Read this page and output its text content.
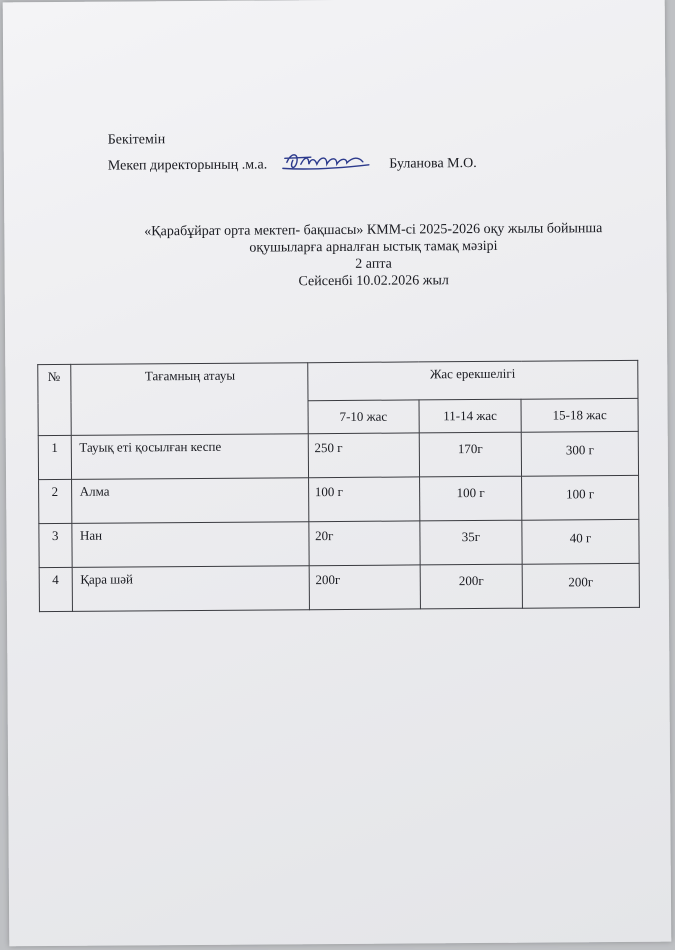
Бекітемін
Мекеп директорының .м.а.	Буланова М.О.
«Қарабұйрат орта мектеп- бақшасы» КММ-сі 2025-2026 оқу жылы бойынша
оқушыларға арналған ыстық тамақ мәзірі
2 апта
Сейсенбі 10.02.2026 жыл
№	Тағамның атауы	Жас ерекшелігі		
		7-10 жас	11-14 жас	15-18 жас
1	Тауық еті қосылған кеспе	250 г	170г	300 г
2	Алма	100 г	100 г	100 г
3	Нан	20г	35г	40 г
4	Қара шәй	200г	200г	200г
